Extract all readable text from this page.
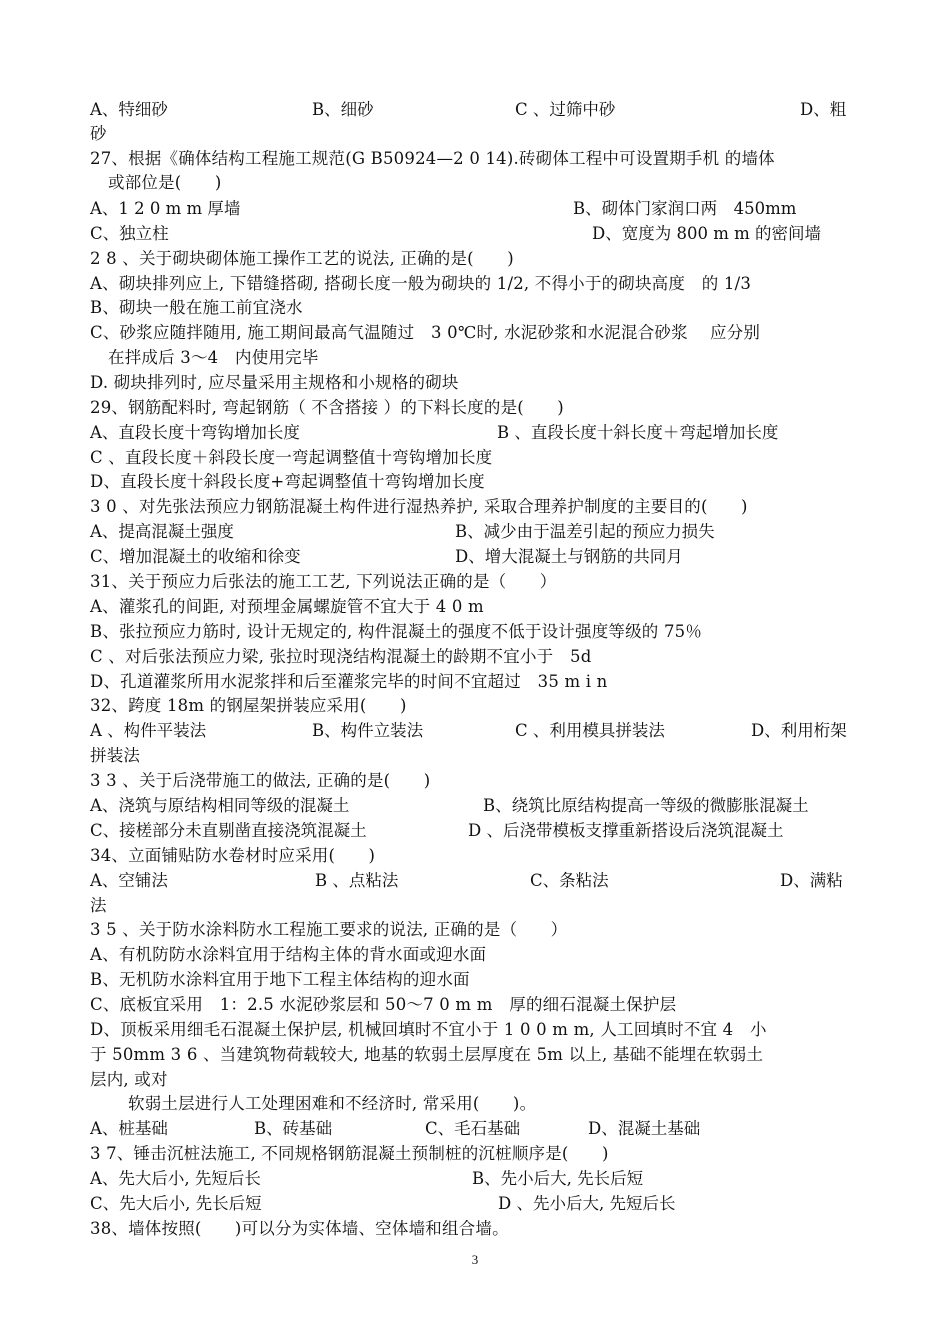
A、特细砂	B、细砂	C 、过筛中砂	D、粗
砂
27、根据《确体结构工程施工规范(G B50924—2 0 14).砖砌体工程中可设置期手机 的墙体
或部位是(　　)
A、1 2 0 m m 厚墙	B、砌体门家润口两　450mm
C、独立柱	D、宽度为 800 m m 的密间墙
2 8 、关于砌块砌体施工操作工艺的说法, 正确的是(　　)
A、砌块排列应上, 下错缝搭砌, 搭砌长度一般为砌块的 1/2, 不得小于的砌块高度　的 1/3
B、砌块一般在施工前宜浇水
C、砂浆应随拌随用, 施工期间最高气温随过　3 0℃时, 水泥砂浆和水泥混合砂浆　 应分别
在拌成后 3～4　内使用完毕
D. 砌块排列时, 应尽量采用主规格和小规格的砌块
29、钢筋配料时, 弯起钢筋（ 不含搭接 ）的下料长度的是(　　)
A、直段长度十弯钩增加长度	B 、直段长度十斜长度＋弯起增加长度
C 、直段长度＋斜段长度一弯起调整值十弯钩增加长度
D、直段长度十斜段长度+弯起调整值十弯钩增加长度
3 0 、对先张法预应力钢筋混凝土构件进行湿热养护, 采取合理养护制度的主要目的(　　)
A、提高混凝土强度	B、减少由于温差引起的预应力损失
C、增加混凝土的收缩和徐变	D、增大混凝土与钢筋的共同月
31、关于预应力后张法的施工工艺, 下列说法正确的是（　　）
A、灌浆孔的间距, 对预埋金属螺旋管不宜大于 4 0 m
B、张拉预应力筋时, 设计无规定的, 构件混凝土的强度不低于设计强度等级的 75％
C 、对后张法预应力梁, 张拉时现浇结构混凝土的龄期不宜小于　5d
D、孔道灌浆所用水泥浆拌和后至灌浆完毕的时间不宜超过　35 m i n
32、跨度 18m 的钢屋架拼装应采用(　　)
A 、构件平装法	B、构件立装法	C 、利用模具拼装法	D、利用桁架
拼装法
3 3 、关于后浇带施工的做法, 正确的是(　　)
A、浇筑与原结构相同等级的混凝土	B、绕筑比原结构提高一等级的微膨胀混凝土
C、接槎部分未直剔凿直接浇筑混凝土	D 、后浇带模板支撑重新搭设后浇筑混凝土
34、立面铺贴防水卷材时应采用(　　)
A、空铺法	B 、点粘法	C、条粘法	D、满粘
法
3 5 、关于防水涂料防水工程施工要求的说法, 正确的是（　　）
A、有机防防水涂料宜用于结构主体的背水面或迎水面
B、无机防水涂料宜用于地下工程主体结构的迎水面
C、底板宜采用　1：2.5 水泥砂浆层和 50～7 0 m m　厚的细石混凝土保护层
D、顶板采用细毛石混凝土保护层, 机械回填时不宜小于 1 0 0 m m, 人工回填时不宜 4　小
于 50mm 3 6 、当建筑物荷载较大, 地基的软弱土层厚度在 5m 以上, 基础不能埋在软弱土
层内, 或对
软弱土层进行人工处理困难和不经济时, 常采用(　　)。
A、桩基础	B、砖基础	C、毛石基础	D、混凝土基础
3 7、锤击沉桩法施工, 不同规格钢筋混凝土预制桩的沉桩顺序是(　　)
A、先大后小, 先短后长	B、先小后大, 先长后短
C、先大后小, 先长后短	D 、先小后大, 先短后长
38、墙体按照(　　)可以分为实体墙、空体墙和组合墙。
3
